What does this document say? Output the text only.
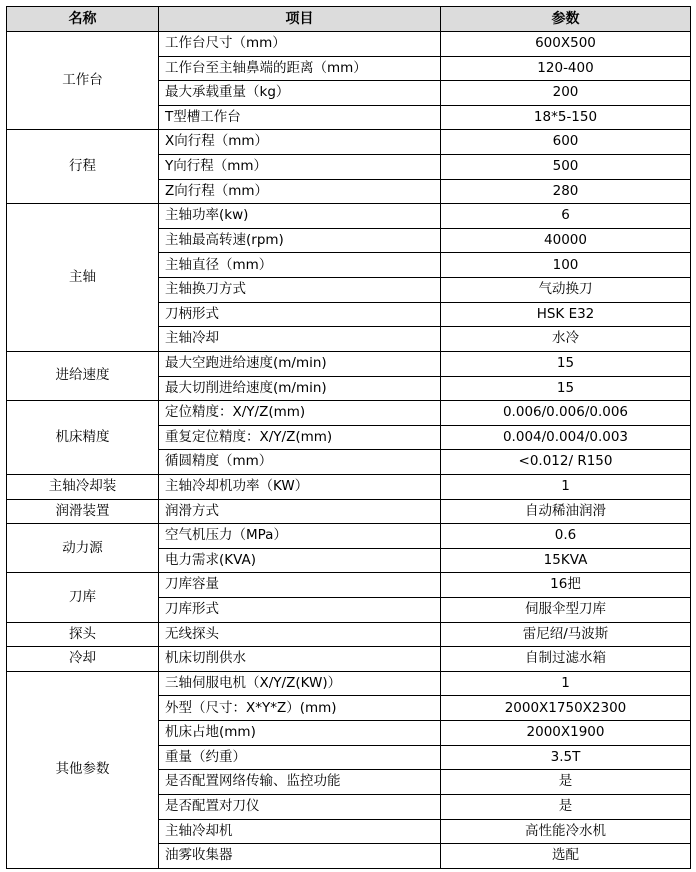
名称	项目	参数
工作台	工作台尺寸（mm）	600X500
	工作台至主轴鼻端的距离（mm）	120-400
	最大承载重量（kg）	200
	T型槽工作台	18*5-150
行程	X向行程（mm）	600
	Y向行程（mm）	500
	Z向行程（mm）	280
主轴	主轴功率(kw)	6
	主轴最高转速(rpm)	40000
	主轴直径（mm）	100
	主轴换刀方式	气动换刀
	刀柄形式	HSK E32
	主轴冷却	水冷
进给速度	最大空跑进给速度(m/min)	15
	最大切削进给速度(m/min)	15
机床精度	定位精度：X/Y/Z(mm)	0.006/0.006/0.006
	重复定位精度：X/Y/Z(mm)	0.004/0.004/0.003
	循圆精度（mm）	<0.012/ R150
主轴冷却装	主轴冷却机功率（KW）	1
润滑装置	润滑方式	自动稀油润滑
动力源	空气机压力（MPa）	0.6
	电力需求(KVA)	15KVA
刀库	刀库容量	16把
	刀库形式	伺服伞型刀库
探头	无线探头	雷尼绍/马波斯
冷却	机床切削供水	自制过滤水箱
其他参数	三轴伺服电机（X/Y/Z(KW)）	1
	外型（尺寸：X*Y*Z）(mm)	2000X1750X2300
	机床占地(mm)	2000X1900
	重量（约重）	3.5T
	是否配置网络传输、监控功能	是
	是否配置对刀仪	是
	主轴冷却机	高性能冷水机
	油雾收集器	选配
